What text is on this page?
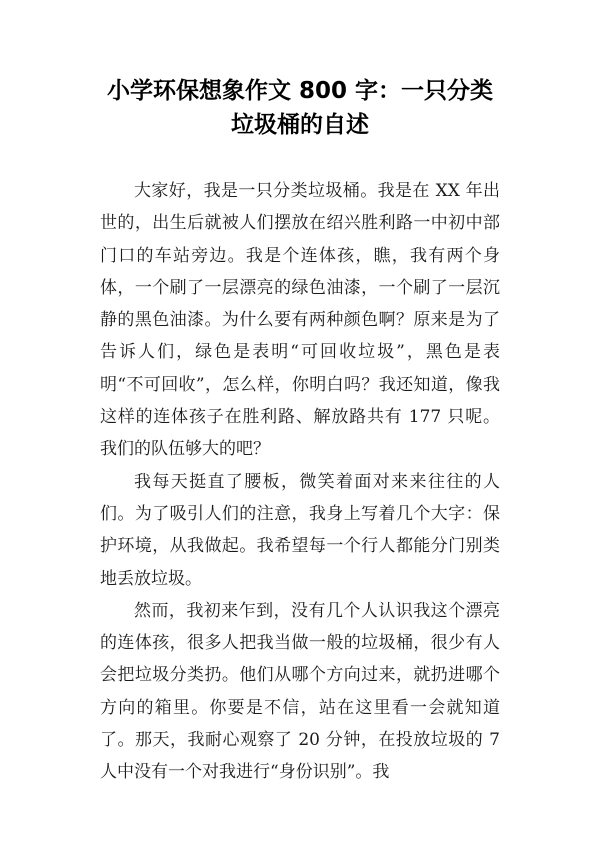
小学环保想象作文 800 字：一只分类
垃圾桶的自述

大家好，我是一只分类垃圾桶。我是在 XX 年出世的，出生后就被人们摆放在绍兴胜利路一中初中部门口的车站旁边。我是个连体孩，瞧，我有两个身体，一个刷了一层漂亮的绿色油漆，一个刷了一层沉静的黑色油漆。为什么要有两种颜色啊？原来是为了告诉人们，绿色是表明“可回收垃圾”，黑色是表明“不可回收”，怎么样，你明白吗？我还知道，像我这样的连体孩子在胜利路、解放路共有 177 只呢。我们的队伍够大的吧？

我每天挺直了腰板，微笑着面对来来往往的人们。为了吸引人们的注意，我身上写着几个大字：保护环境，从我做起。我希望每一个行人都能分门别类地丢放垃圾。

然而，我初来乍到，没有几个人认识我这个漂亮的连体孩，很多人把我当做一般的垃圾桶，很少有人会把垃圾分类扔。他们从哪个方向过来，就扔进哪个方向的箱里。你要是不信，站在这里看一会就知道了。那天，我耐心观察了 20 分钟，在投放垃圾的 7 人中没有一个对我进行“身份识别”。我
